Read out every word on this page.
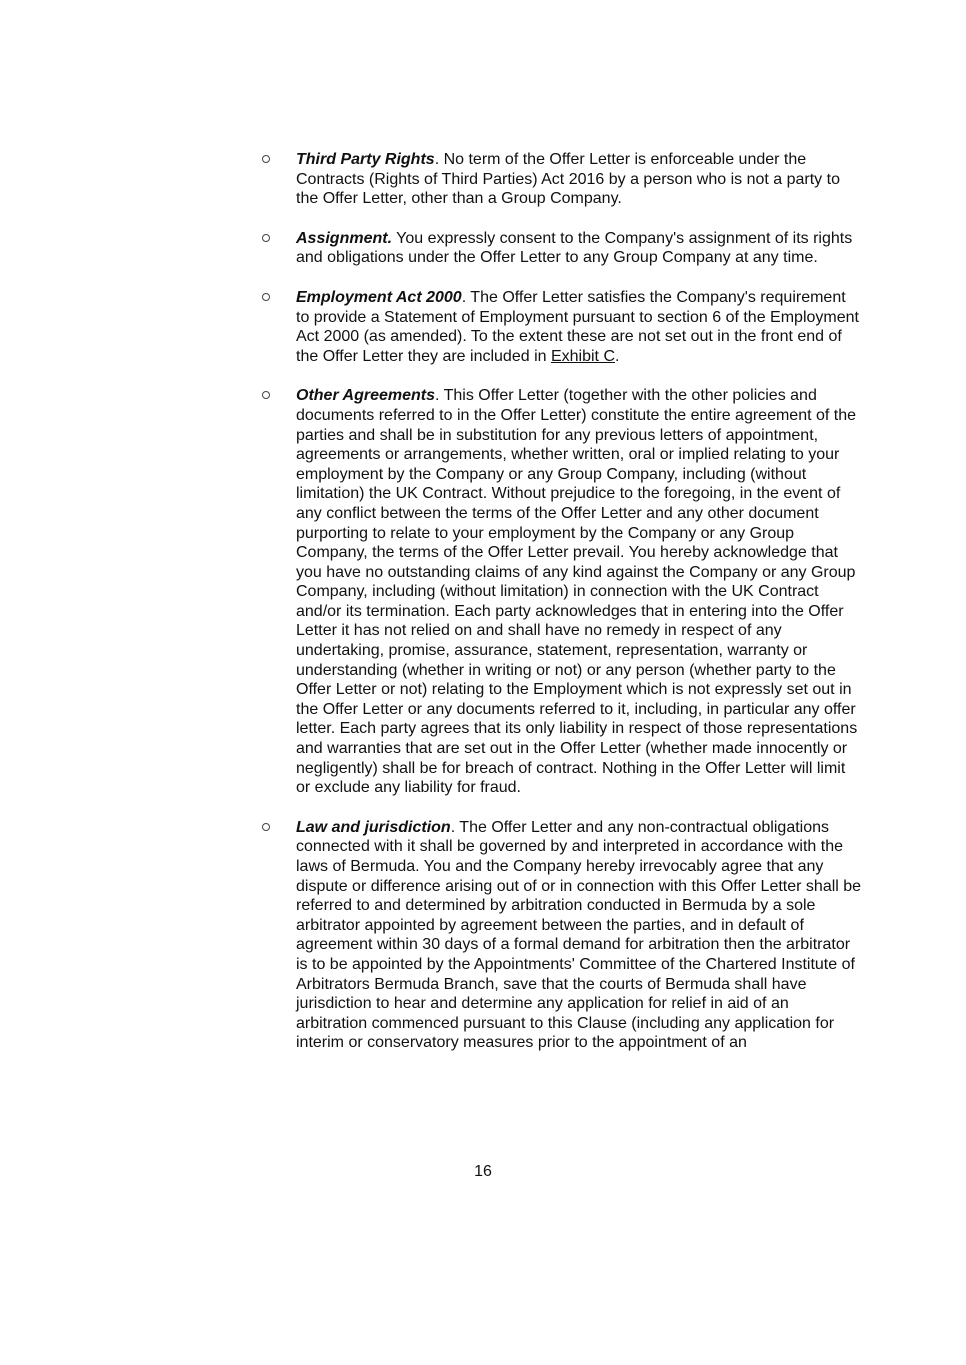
Third Party Rights. No term of the Offer Letter is enforceable under the Contracts (Rights of Third Parties) Act 2016 by a person who is not a party to the Offer Letter, other than a Group Company.
Assignment. You expressly consent to the Company's assignment of its rights and obligations under the Offer Letter to any Group Company at any time.
Employment Act 2000. The Offer Letter satisfies the Company's requirement to provide a Statement of Employment pursuant to section 6 of the Employment Act 2000 (as amended). To the extent these are not set out in the front end of the Offer Letter they are included in Exhibit C.
Other Agreements. This Offer Letter (together with the other policies and documents referred to in the Offer Letter) constitute the entire agreement of the parties and shall be in substitution for any previous letters of appointment, agreements or arrangements, whether written, oral or implied relating to your employment by the Company or any Group Company, including (without limitation) the UK Contract. Without prejudice to the foregoing, in the event of any conflict between the terms of the Offer Letter and any other document purporting to relate to your employment by the Company or any Group Company, the terms of the Offer Letter prevail. You hereby acknowledge that you have no outstanding claims of any kind against the Company or any Group Company, including (without limitation) in connection with the UK Contract and/or its termination. Each party acknowledges that in entering into the Offer Letter it has not relied on and shall have no remedy in respect of any undertaking, promise, assurance, statement, representation, warranty or understanding (whether in writing or not) or any person (whether party to the Offer Letter or not) relating to the Employment which is not expressly set out in the Offer Letter or any documents referred to it, including, in particular any offer letter. Each party agrees that its only liability in respect of those representations and warranties that are set out in the Offer Letter (whether made innocently or negligently) shall be for breach of contract. Nothing in the Offer Letter will limit or exclude any liability for fraud.
Law and jurisdiction. The Offer Letter and any non-contractual obligations connected with it shall be governed by and interpreted in accordance with the laws of Bermuda. You and the Company hereby irrevocably agree that any dispute or difference arising out of or in connection with this Offer Letter shall be referred to and determined by arbitration conducted in Bermuda by a sole arbitrator appointed by agreement between the parties, and in default of agreement within 30 days of a formal demand for arbitration then the arbitrator is to be appointed by the Appointments' Committee of the Chartered Institute of Arbitrators Bermuda Branch, save that the courts of Bermuda shall have jurisdiction to hear and determine any application for relief in aid of an arbitration commenced pursuant to this Clause (including any application for interim or conservatory measures prior to the appointment of an
16
